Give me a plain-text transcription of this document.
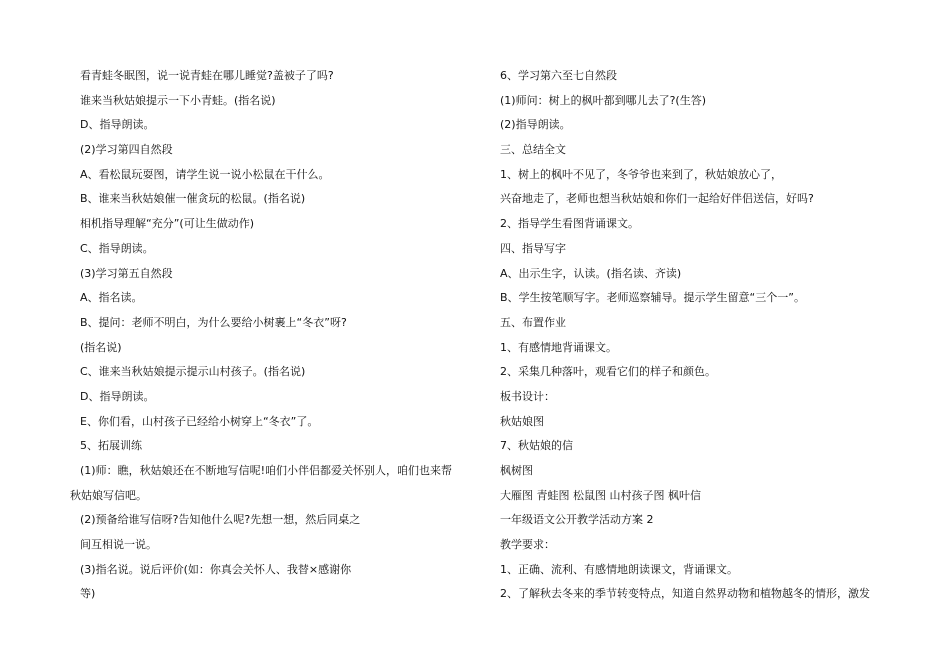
看青蛙冬眠图，说一说青蛙在哪儿睡觉?盖被子了吗?
谁来当秋姑娘提示一下小青蛙。(指名说)
D、指导朗读。
(2)学习第四自然段
A、看松鼠玩耍图，请学生说一说小松鼠在干什么。
B、谁来当秋姑娘催一催贪玩的松鼠。(指名说)
相机指导理解“充分”(可让生做动作)
C、指导朗读。
(3)学习第五自然段
A、指名读。
B、提问：老师不明白，为什么要给小树裹上“冬衣”呀?
(指名说)
C、谁来当秋姑娘提示提示山村孩子。(指名说)
D、指导朗读。
E、你们看，山村孩子已经给小树穿上“冬衣”了。
5、拓展训练
(1)师：瞧，秋姑娘还在不断地写信呢!咱们小伴侣都爱关怀别人，咱们也来帮
秋姑娘写信吧。
(2)预备给谁写信呀?告知他什么呢?先想一想，然后同桌之
间互相说一说。
(3)指名说。说后评价(如：你真会关怀人、我替×感谢你
等)
6、学习第六至七自然段
(1)师问：树上的枫叶都到哪儿去了?(生答)
(2)指导朗读。
三、总结全文
1、树上的枫叶不见了，冬爷爷也来到了，秋姑娘放心了，
兴奋地走了，老师也想当秋姑娘和你们一起给好伴侣送信，好吗?
2、指导学生看图背诵课文。
四、指导写字
A、出示生字，认读。(指名读、齐读)
B、学生按笔顺写字。老师巡察辅导。提示学生留意“三个一”。
五、布置作业
1、有感情地背诵课文。
2、采集几种落叶，观看它们的样子和颜色。
板书设计：
秋姑娘图
7、秋姑娘的信
枫树图
大雁图 青蛙图 松鼠图 山村孩子图 枫叶信
一年级语文公开教学活动方案 2
教学要求：
1、正确、流利、有感情地朗读课文，背诵课文。
2、了解秋去冬来的季节转变特点，知道自然界动物和植物越冬的情形，激发
